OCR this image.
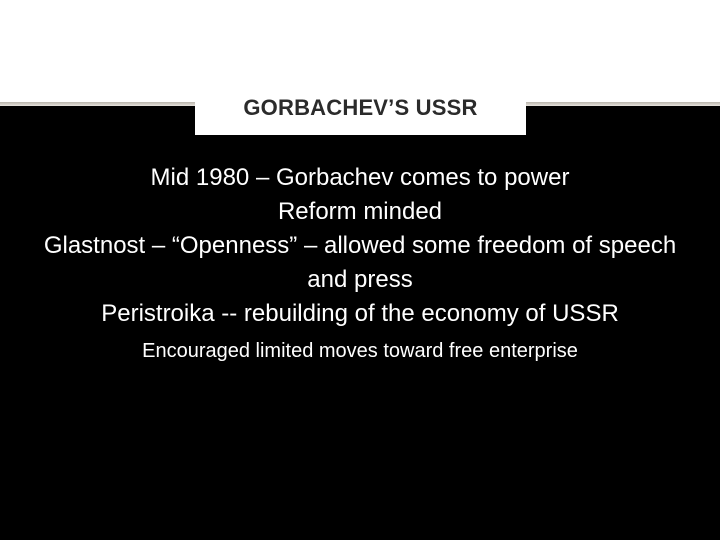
GORBACHEV’S USSR
Mid 1980 – Gorbachev comes to power
Reform minded
Glastnost – “Openness” – allowed some freedom of speech and press
Peristroika -- rebuilding of the economy of USSR
Encouraged limited moves toward free enterprise
